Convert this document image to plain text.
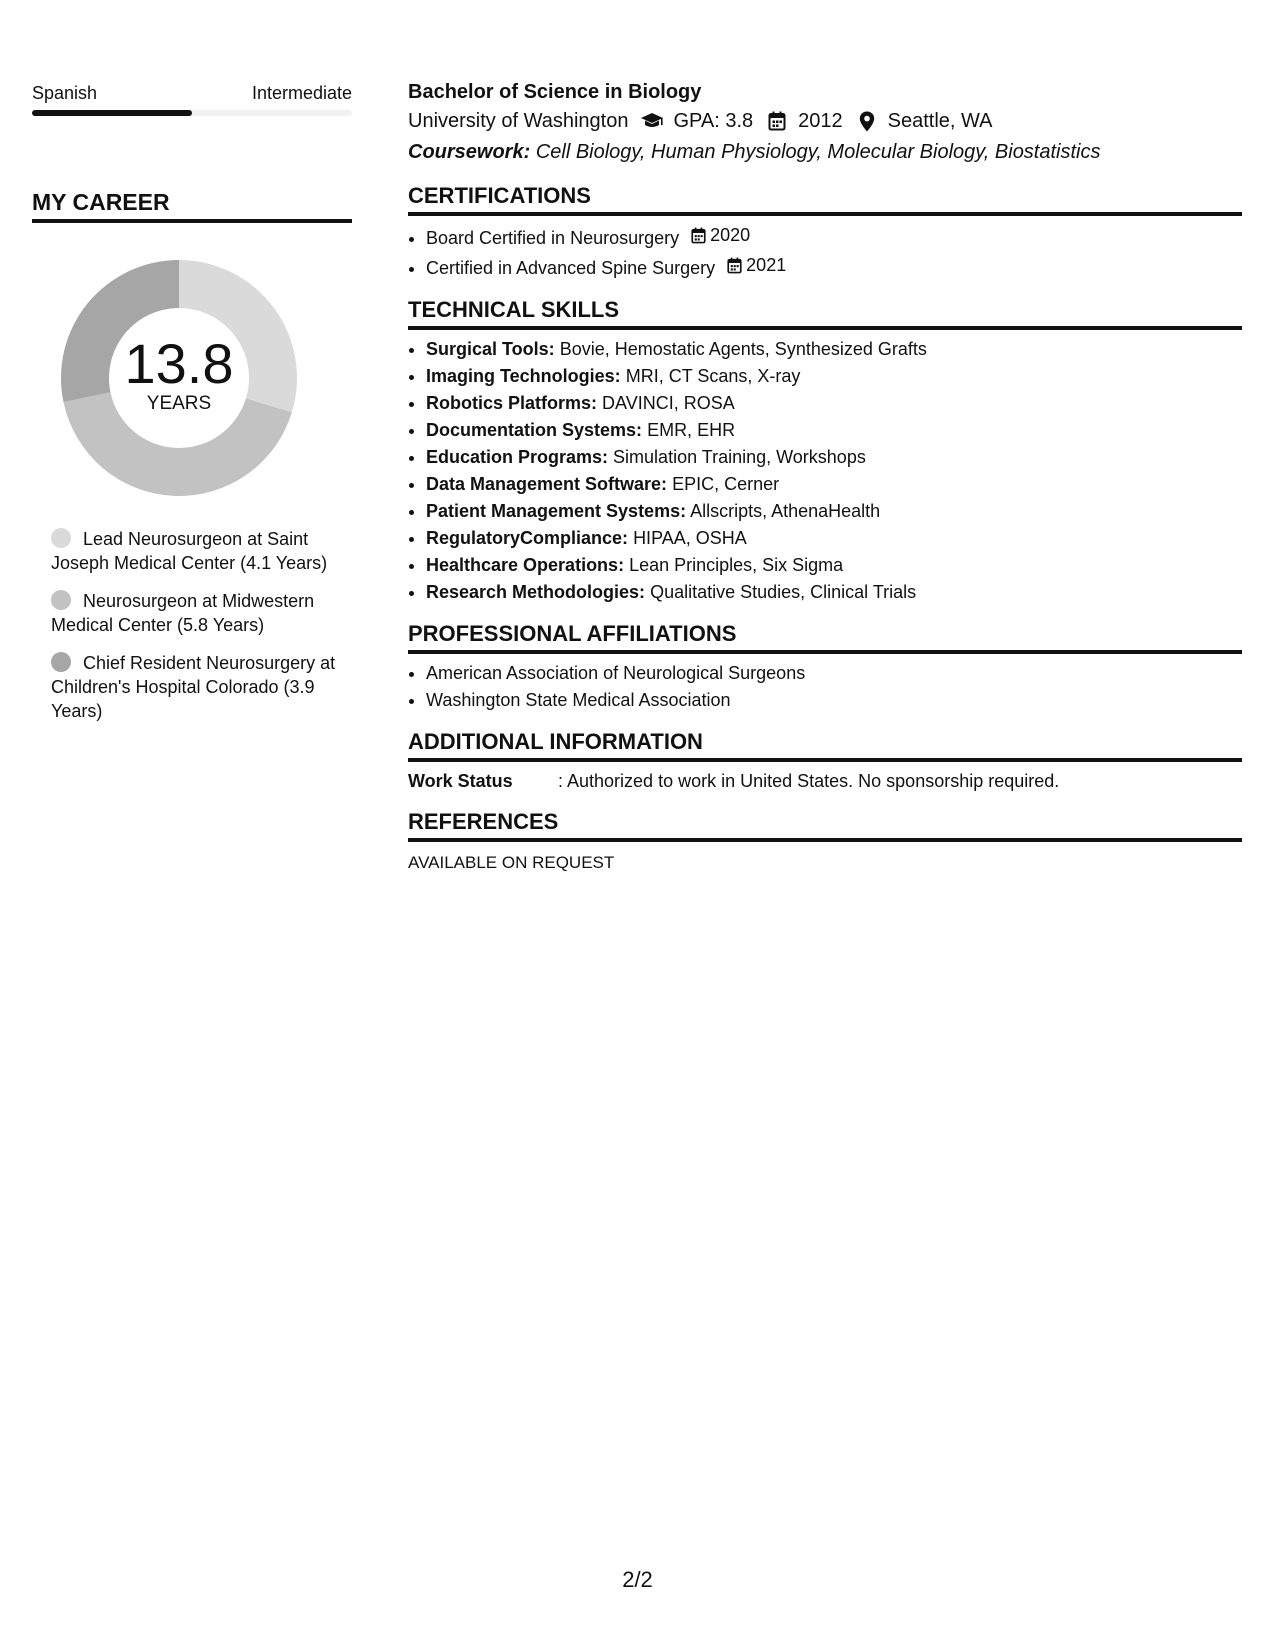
Spanish	Intermediate
MY CAREER
13.8
YEARS
Lead Neurosurgeon at Saint Joseph Medical Center (4.1 Years)
Neurosurgeon at Midwestern Medical Center (5.8 Years)
Chief Resident Neurosurgery at Children's Hospital Colorado (3.9 Years)
Bachelor of Science in Biology
University of Washington GPA: 3.8 2012 Seattle, WA
Coursework: Cell Biology, Human Physiology, Molecular Biology, Biostatistics
CERTIFICATIONS
• Board Certified in Neurosurgery 2020
• Certified in Advanced Spine Surgery 2021
TECHNICAL SKILLS
• Surgical Tools: Bovie, Hemostatic Agents, Synthesized Grafts
• Imaging Technologies: MRI, CT Scans, X-ray
• Robotics Platforms: DAVINCI, ROSA
• Documentation Systems: EMR, EHR
• Education Programs: Simulation Training, Workshops
• Data Management Software: EPIC, Cerner
• Patient Management Systems: Allscripts, AthenaHealth
• RegulatoryCompliance: HIPAA, OSHA
• Healthcare Operations: Lean Principles, Six Sigma
• Research Methodologies: Qualitative Studies, Clinical Trials
PROFESSIONAL AFFILIATIONS
• American Association of Neurological Surgeons
• Washington State Medical Association
ADDITIONAL INFORMATION
Work Status	: Authorized to work in United States. No sponsorship required.
REFERENCES
AVAILABLE ON REQUEST
2/2
